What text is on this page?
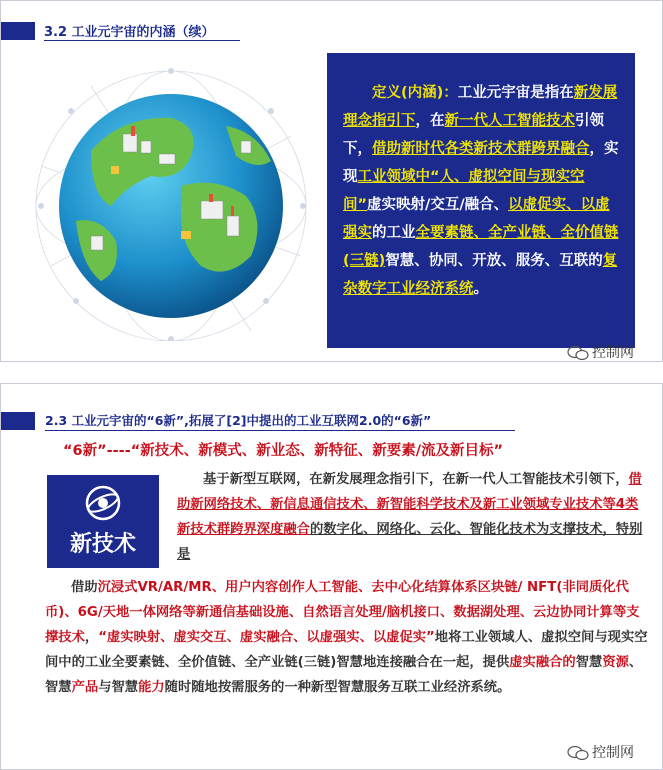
3.2 工业元宇宙的内涵（续）
定义(内涵)：工业元宇宙是指在新发展理念指引下，在新一代人工智能技术引领下，借助新时代各类新技术群跨界融合，实现工业领域中“人、虚拟空间与现实空间”虚实映射/交互/融合、以虚促实、以虚强实的工业全要素链、全产业链、全价值链(三链)智慧、协同、开放、服务、互联的复杂数字工业经济系统。
控制网
2.3 工业元宇宙的“6新”,拓展了[2]中提出的工业互联网2.0的“6新”
“6新”----“新技术、新模式、新业态、新特征、新要素/流及新目标”
新技术
基于新型互联网，在新发展理念指引下，在新一代人工智能技术引领下，借助新网络技术、新信息通信技术、新智能科学技术及新工业领域专业技术等4类新技术群跨界深度融合的数字化、网络化、云化、智能化技术为支撑技术，特别是
借助沉浸式VR/AR/MR、用户内容创作人工智能、去中心化结算体系区块链/ NFT(非同质化代币)、6G/天地一体网络等新通信基础设施、自然语言处理/脑机接口、数据湖处理、云边协同计算等支撑技术，“虚实映射、虚实交互、虚实融合、以虚强实、以虚促实”地将工业领域人、虚拟空间与现实空间中的工业全要素链、全价值链、全产业链(三链)智慧地连接融合在一起，提供虚实融合的智慧资源、智慧产品与智慧能力随时随地按需服务的一种新型智慧服务互联工业经济系统。
控制网
